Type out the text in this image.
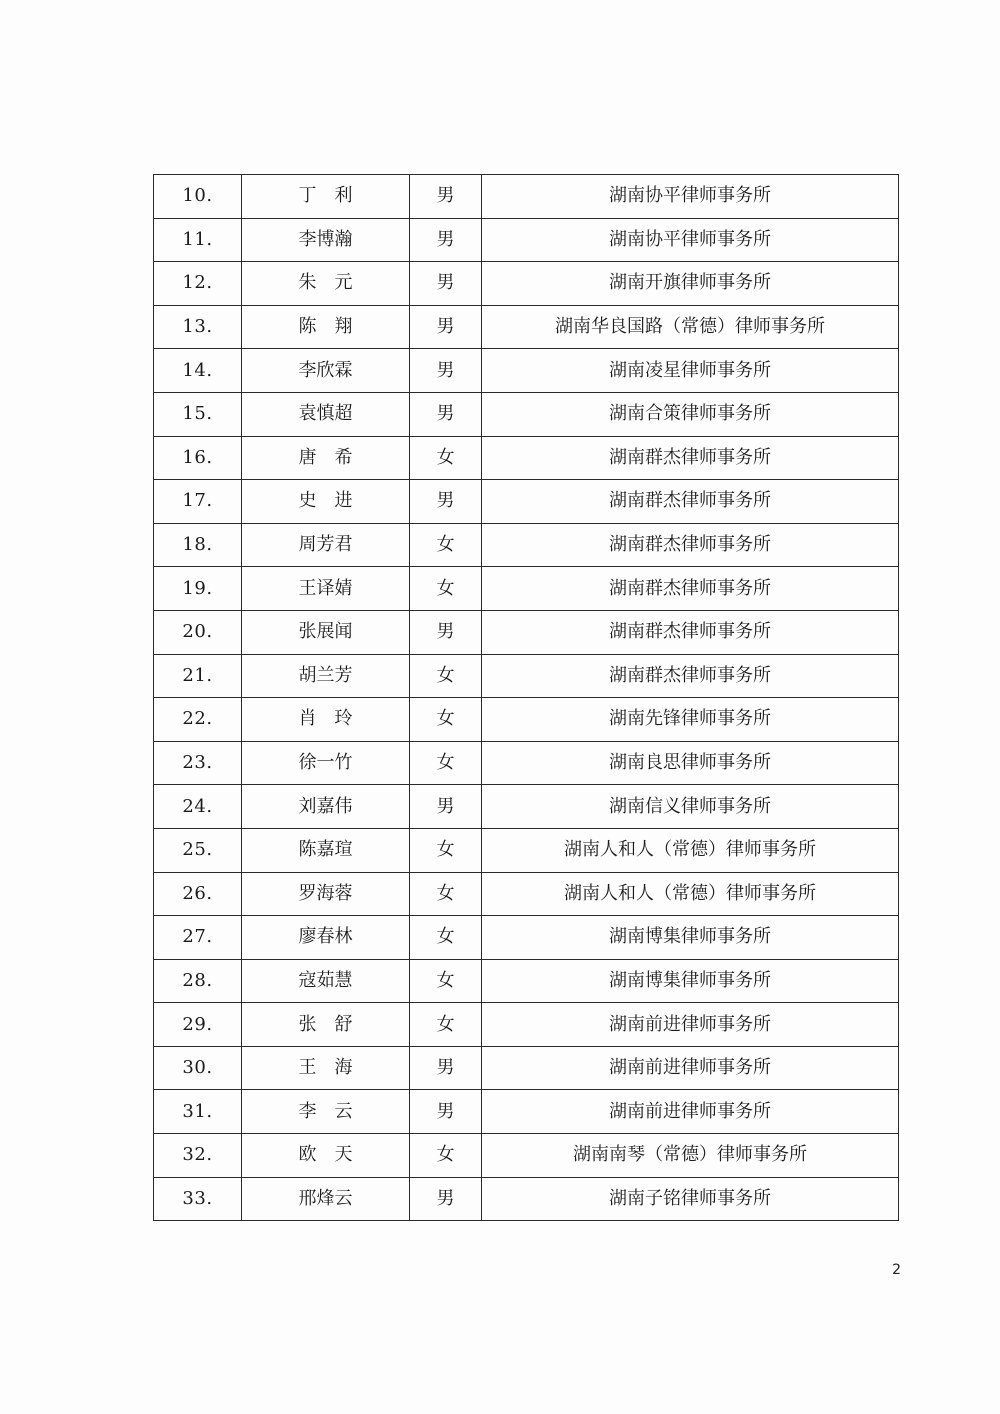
10.	丁　利	男	湖南协平律师事务所
11.	李博瀚	男	湖南协平律师事务所
12.	朱　元	男	湖南开旗律师事务所
13.	陈　翔	男	湖南华良国路（常德）律师事务所
14.	李欣霖	男	湖南凌星律师事务所
15.	袁慎超	男	湖南合策律师事务所
16.	唐　希	女	湖南群杰律师事务所
17.	史　进	男	湖南群杰律师事务所
18.	周芳君	女	湖南群杰律师事务所
19.	王译婧	女	湖南群杰律师事务所
20.	张展闻	男	湖南群杰律师事务所
21.	胡兰芳	女	湖南群杰律师事务所
22.	肖　玲	女	湖南先锋律师事务所
23.	徐一竹	女	湖南良思律师事务所
24.	刘嘉伟	男	湖南信义律师事务所
25.	陈嘉瑄	女	湖南人和人（常德）律师事务所
26.	罗海蓉	女	湖南人和人（常德）律师事务所
27.	廖春林	女	湖南博集律师事务所
28.	寇茹慧	女	湖南博集律师事务所
29.	张　舒	女	湖南前进律师事务所
30.	王　海	男	湖南前进律师事务所
31.	李　云	男	湖南前进律师事务所
32.	欧　天	女	湖南南琴（常德）律师事务所
33.	邢烽云	男	湖南子铭律师事务所
2
